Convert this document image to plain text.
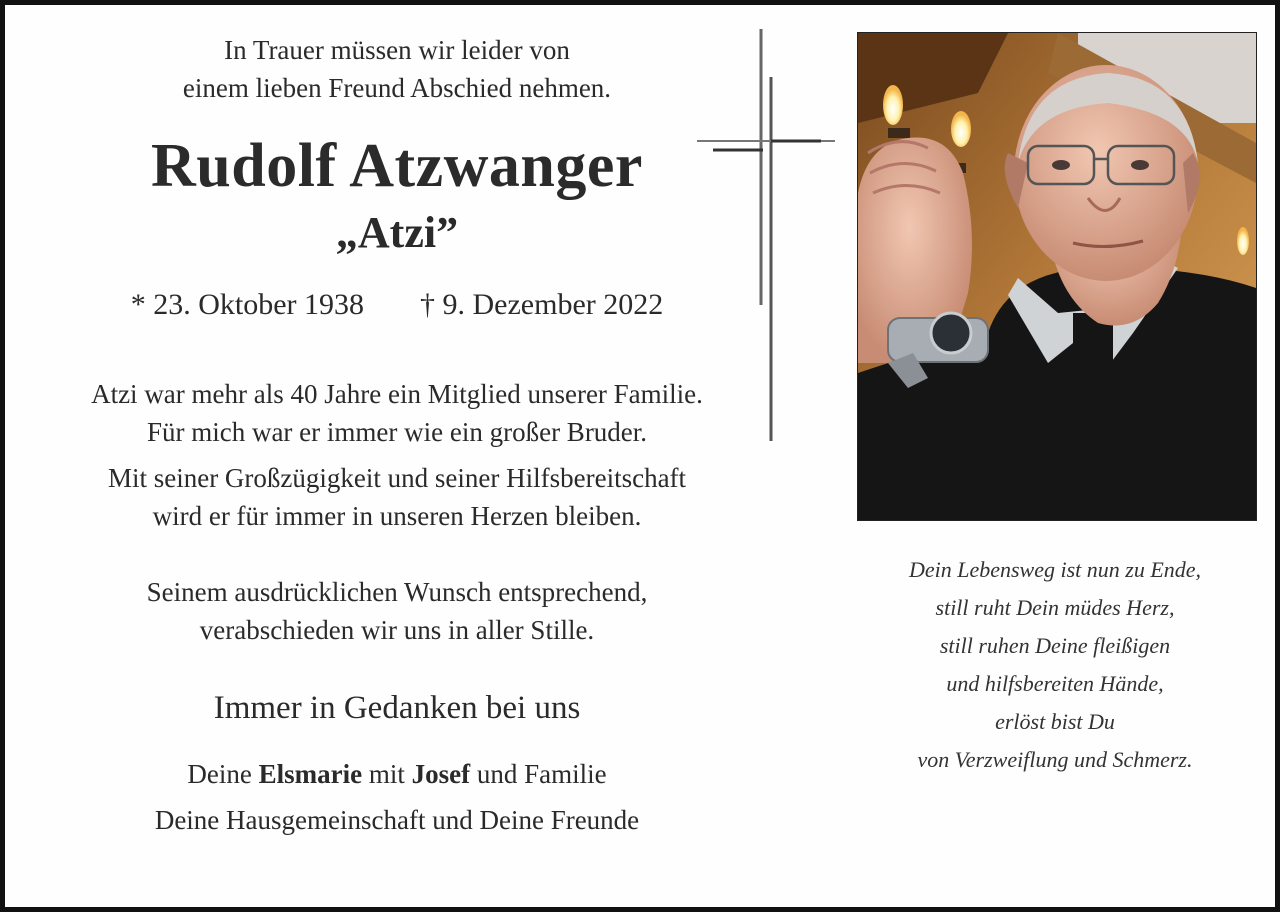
In Trauer müssen wir leider von

einem lieben Freund Abschied nehmen.

Rudolf Atzwanger
„Atzi”
* 23. Oktober 1938 † 9. Dezember 2022

Atzi war mehr als 40 Jahre ein Mitglied unserer Familie.

Für mich war er immer wie ein großer Bruder.

Mit seiner Großzügigkeit und seiner Hilfsbereitschaft

wird er für immer in unseren Herzen bleiben.

Seinem ausdrücklichen Wunsch entsprechend,

verabschieden wir uns in aller Stille.

Immer in Gedanken bei uns
Deine Elsmarie mit Josef und Familie
Deine Hausgemeinschaft und Deine Freunde

Dein Lebensweg ist nun zu Ende,

still ruht Dein müdes Herz,

still ruhen Deine fleißigen

und hilfsbereiten Hände,

erlöst bist Du

von Verzweiflung und Schmerz.
